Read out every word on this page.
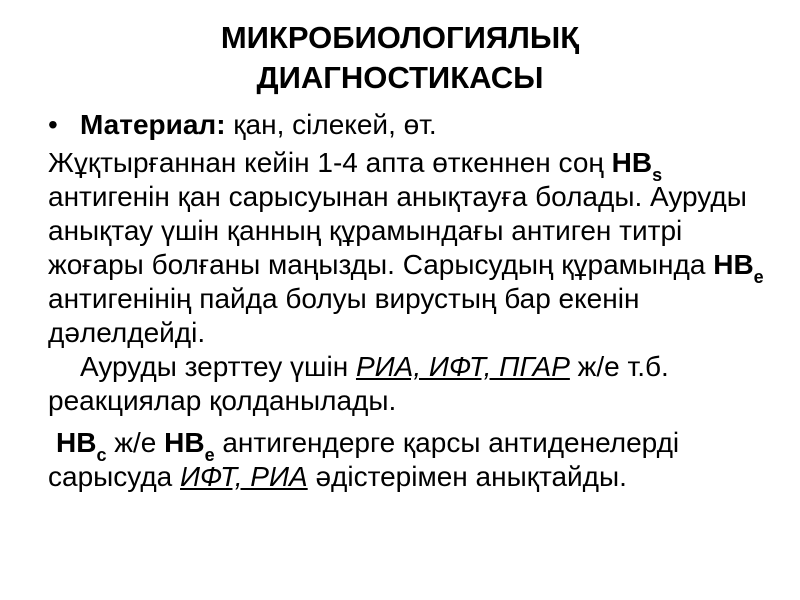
МИКРОБИОЛОГИЯЛЫҚ
ДИАГНОСТИКАСЫ
• Материал: қан, сілекей, өт.

Жұқтырғаннан кейін 1-4 апта өткеннен соң $НВ_s$ антигенін қан сарысуынан анықтауға болады. Ауруды анықтау үшін қанның құрамындағы антиген титрі жоғары болғаны маңызды. Сарысудың құрамында $НВ_e$ антигенінің пайда болуы вирустың бар екенін дәлелдейді.

Ауруды зерттеу үшін РИА, ИФТ, ПГАР ж/е т.б. реакциялар қолданылады.

$НВ_c$ ж/е $НВ_e$ антигендерге қарсы антиденелерді сарысуда ИФТ, РИА әдістерімен анықтайды.
